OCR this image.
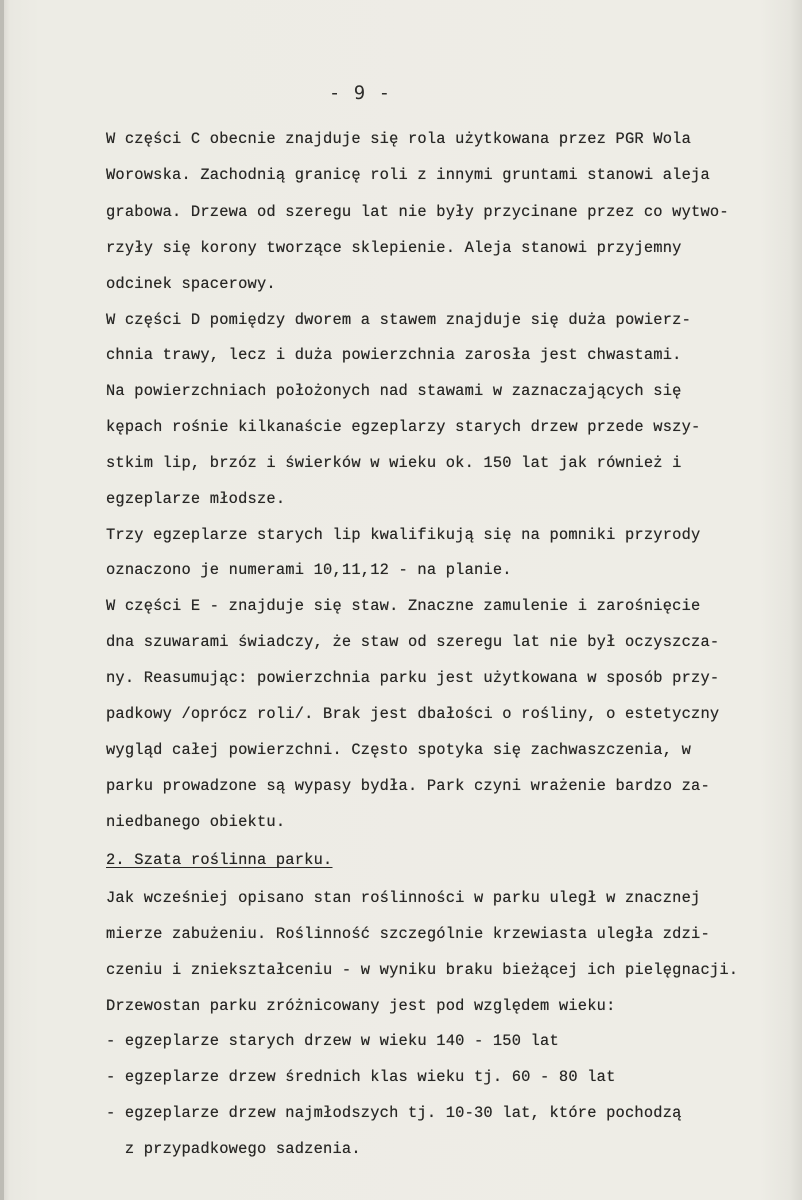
- 9 -
W części C obecnie znajduje się rola użytkowana przez PGR Wola
Worowska. Zachodnią granicę roli z innymi gruntami stanowi aleja
grabowa. Drzewa od szeregu lat nie były przycinane przez co wytwo-
rzyły się korony tworzące sklepienie. Aleja stanowi przyjemny
odcinek spacerowy.
W części D pomiędzy dworem a stawem znajduje się duża powierz-
chnia trawy, lecz i duża powierzchnia zarosła jest chwastami.
Na powierzchniach położonych nad stawami w zaznaczających się
kępach rośnie kilkanaście egzeplarzy starych drzew przede wszy-
stkim lip, brzóz i świerków w wieku ok. 150 lat jak również i
egzeplarze młodsze.
Trzy egzeplarze starych lip kwalifikują się na pomniki przyrody
oznaczono je numerami 10,11,12 - na planie.
W części E - znajduje się staw. Znaczne zamulenie i zarośnięcie
dna szuwarami świadczy, że staw od szeregu lat nie był oczyszcza-
ny. Reasumując: powierzchnia parku jest użytkowana w sposób przy-
padkowy /oprócz roli/. Brak jest dbałości o rośliny, o estetyczny
wygląd całej powierzchni. Często spotyka się zachwaszczenia, w
parku prowadzone są wypasy bydła. Park czyni wrażenie bardzo za-
niedbanego obiektu.
2. Szata roślinna parku.
Jak wcześniej opisano stan roślinności w parku uległ w znacznej
mierze zabużeniu. Roślinność szczególnie krzewiasta uległa zdzi-
czeniu i zniekształceniu - w wyniku braku bieżącej ich pielęgnacji.
Drzewostan parku zróżnicowany jest pod względem wieku:
- egzeplarze starych drzew w wieku 140 - 150 lat
- egzeplarze drzew średnich klas wieku tj. 60 - 80 lat
- egzeplarze drzew najmłodszych tj. 10-30 lat, które pochodzą
z przypadkowego sadzenia.
